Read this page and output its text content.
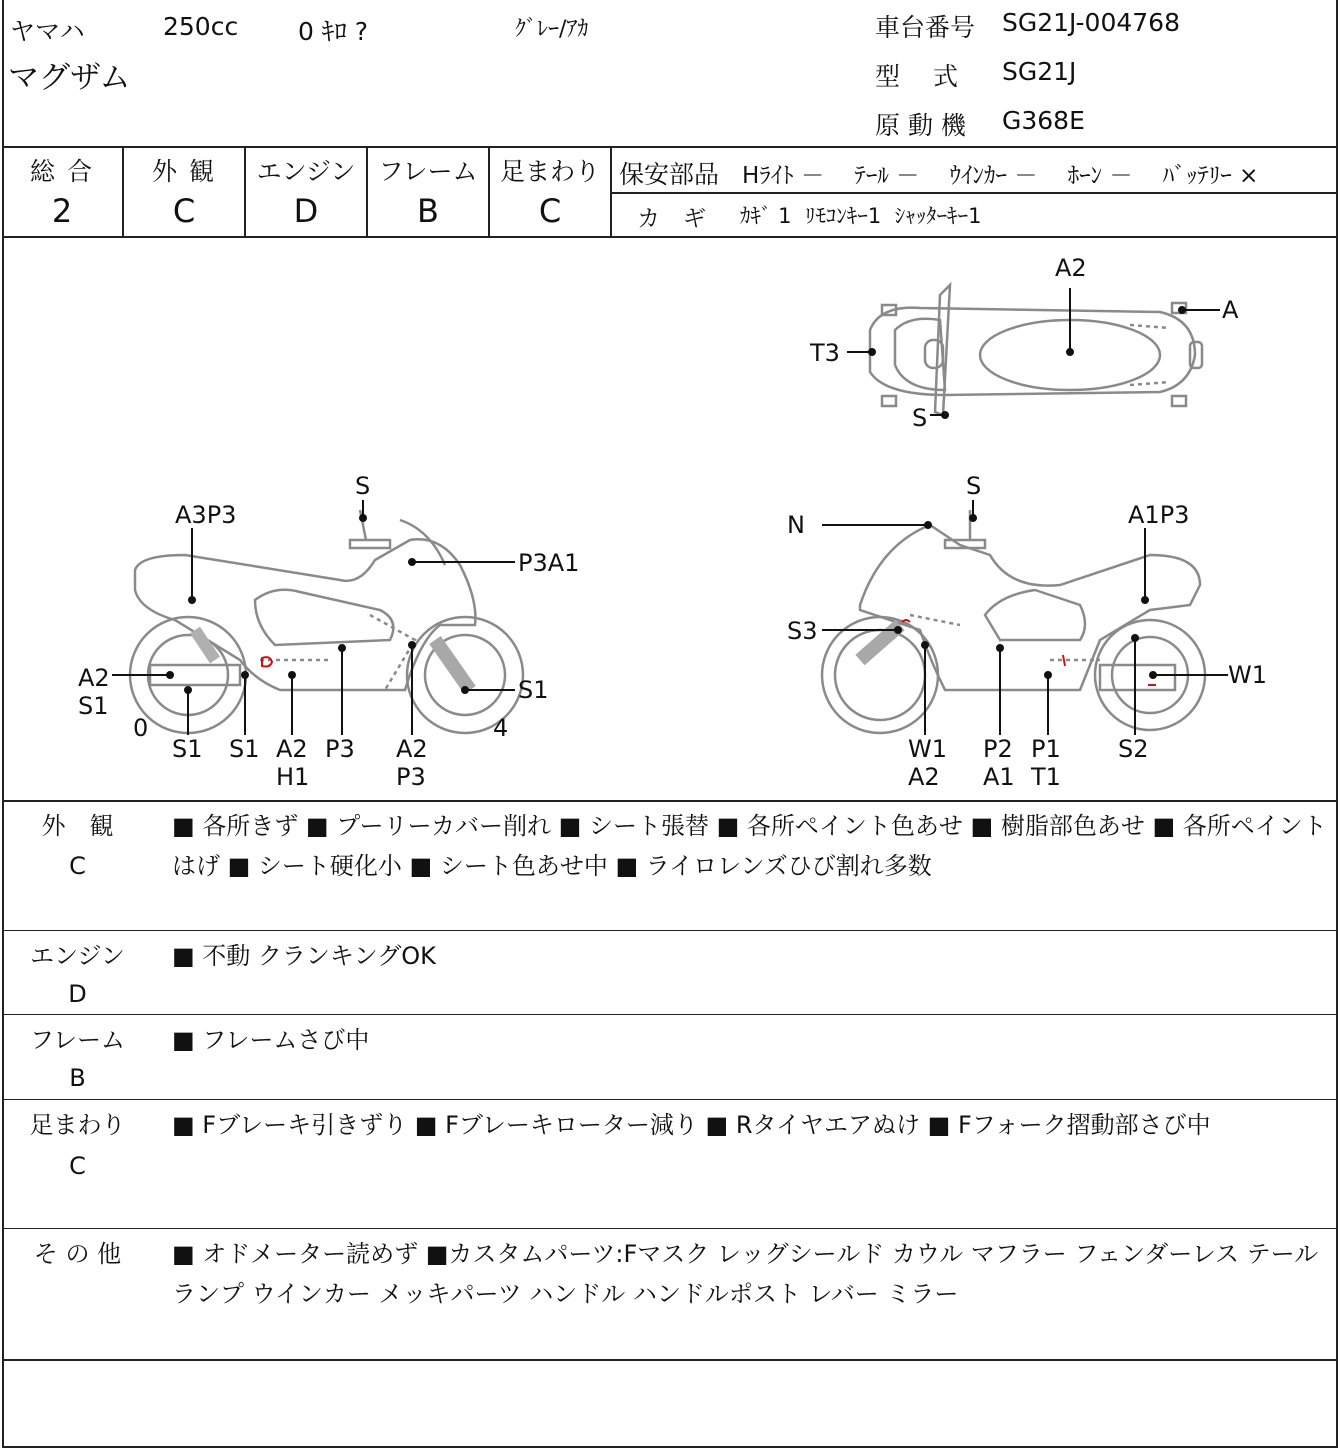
ヤマハ	250cc 0 ｷﾛ ?	ｸﾞﾚｰ/ｱｶ
マグザム
車台番号 SG21J-004768
型　 式 SG21J
原 動 機 G368E
総 合	外 観	エンジン フレーム 足まわり
2	C	D	B	C
保安部品 Hﾗｲﾄ －　 ﾃｰﾙ －　 ｳｲﾝｶｰ －　 ﾎｰﾝ －　 ﾊﾞｯﾃﾘｰ ×
カ　ギ ｶｷﾞ 1  ﾘﾓｺﾝｷｰ1  ｼｬｯﾀｰｷｰ1
A2
A
T3
S
S
A3P3
P3A1
A2
S1
0	4
S1
S1 S1 A2
H1
P3 A2
P3
S
N	A1P3
S3
W1
W1
A2
P2
A1
P1
T1
S2
外　観
C
■ 各所きず ■ プーリーカバー削れ ■ シート張替 ■ 各所ペイント色あせ ■ 樹脂部色あせ ■ 各所ペイントはげ ■ シート硬化小 ■ シート色あせ中 ■ ライロレンズひび割れ多数
エンジン
D
■ 不動 クランキングOK
フレーム
B
■ フレームさび中
足まわり
C
■ Fブレーキ引きずり ■ Fブレーキローター減り ■ Rタイヤエアぬけ ■ Fフォーク摺動部さび中
そ の 他	■ オドメーター読めず ■カスタムパーツ:Fマスク レッグシールド カウル マフラー フェンダーレス テールランプ ウインカー メッキパーツ ハンドル ハンドルポスト レバー ミラー
